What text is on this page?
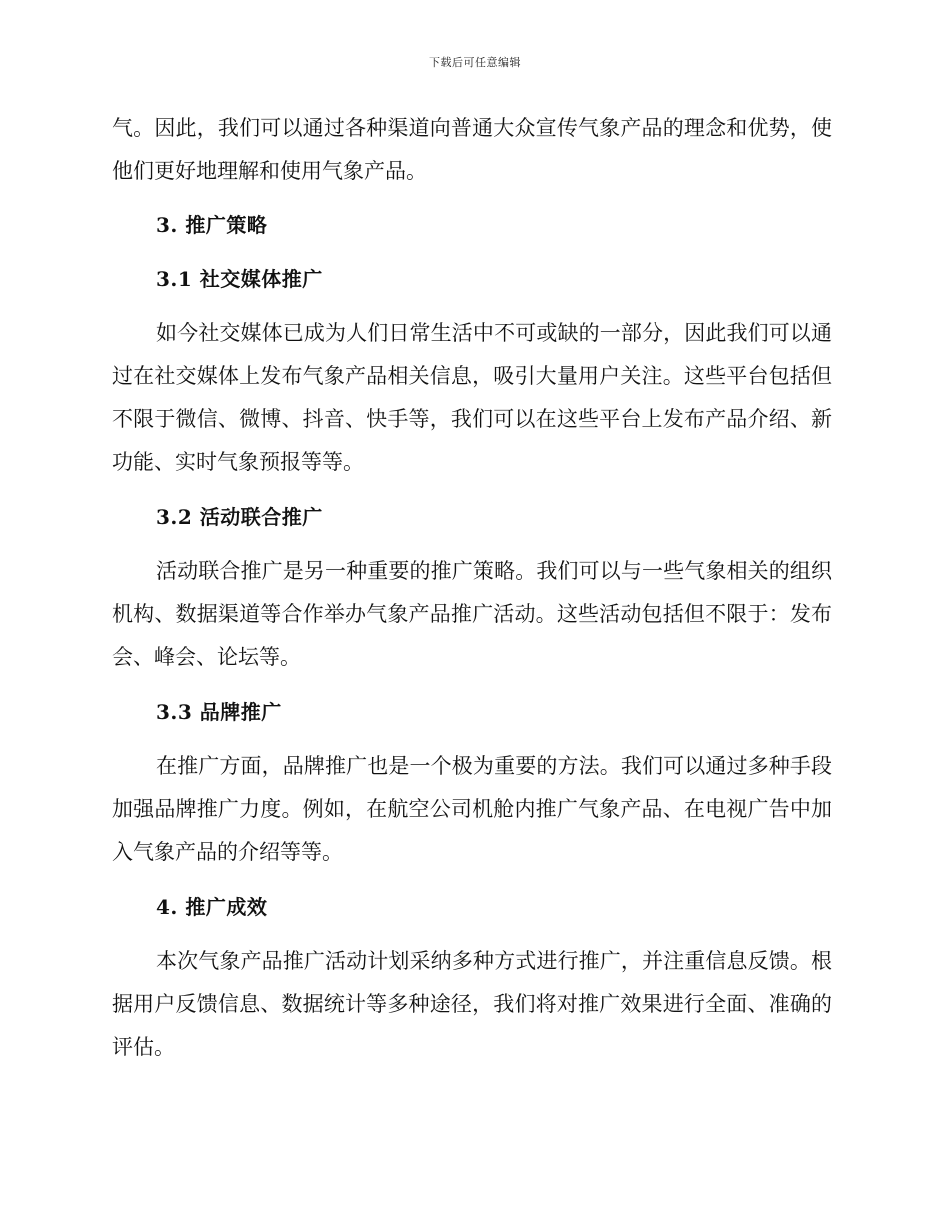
下载后可任意编辑

气。因此，我们可以通过各种渠道向普通大众宣传气象产品的理念和优势，使他们更好地理解和使用气象产品。

3. 推广策略
3.1 社交媒体推广

如今社交媒体已成为人们日常生活中不可或缺的一部分，因此我们可以通过在社交媒体上发布气象产品相关信息，吸引大量用户关注。这些平台包括但不限于微信、微博、抖音、快手等，我们可以在这些平台上发布产品介绍、新功能、实时气象预报等等。

3.2 活动联合推广

活动联合推广是另一种重要的推广策略。我们可以与一些气象相关的组织机构、数据渠道等合作举办气象产品推广活动。这些活动包括但不限于：发布会、峰会、论坛等。

3.3 品牌推广

在推广方面，品牌推广也是一个极为重要的方法。我们可以通过多种手段加强品牌推广力度。例如，在航空公司机舱内推广气象产品、在电视广告中加入气象产品的介绍等等。

4. 推广成效

本次气象产品推广活动计划采纳多种方式进行推广，并注重信息反馈。根据用户反馈信息、数据统计等多种途径，我们将对推广效果进行全面、准确的评估。
